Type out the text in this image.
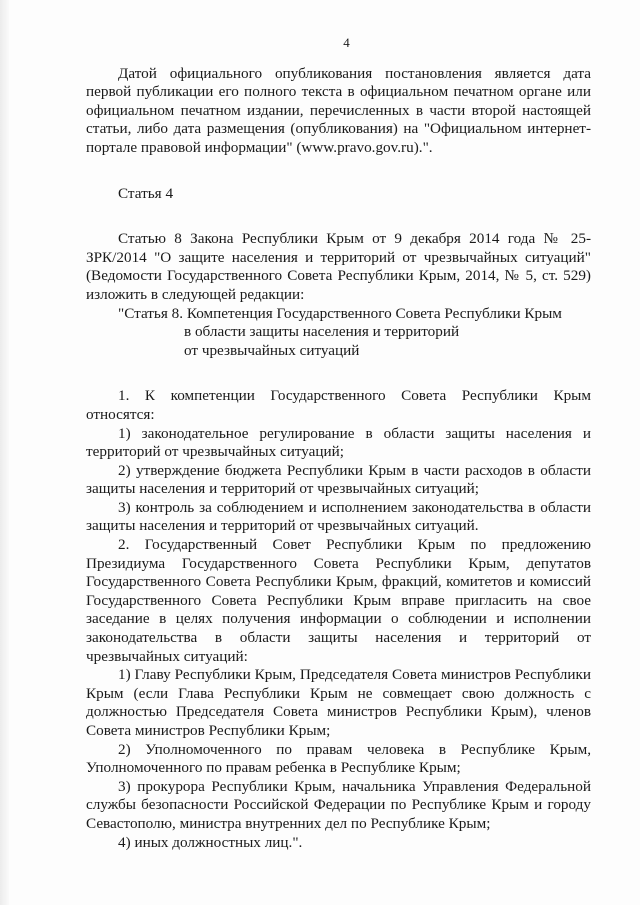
4

Датой официального опубликования постановления является дата первой публикации его полного текста в официальном печатном органе или официальном печатном издании, перечисленных в части второй настоящей статьи, либо дата размещения (опубликования) на "Официальном интернет-портале правовой информации" (www.pravo.gov.ru).".

Статья 4

Статью 8 Закона Республики Крым от 9 декабря 2014 года № 25-ЗРК/2014 "О защите населения и территорий от чрезвычайных ситуаций" (Ведомости Государственного Совета Республики Крым, 2014, № 5, ст. 529) изложить в следующей редакции:

"Статья 8. Компетенция Государственного Совета Республики Крым

в области защиты населения и территорий

от чрезвычайных ситуаций

1. К компетенции Государственного Совета Республики Крым относятся:

1) законодательное регулирование в области защиты населения и территорий от чрезвычайных ситуаций;

2) утверждение бюджета Республики Крым в части расходов в области защиты населения и территорий от чрезвычайных ситуаций;

3) контроль за соблюдением и исполнением законодательства в области защиты населения и территорий от чрезвычайных ситуаций.

2. Государственный Совет Республики Крым по предложению Президиума Государственного Совета Республики Крым, депутатов Государственного Совета Республики Крым, фракций, комитетов и комиссий Государственного Совета Республики Крым вправе пригласить на свое заседание в целях получения информации о соблюдении и исполнении законодательства в области защиты населения и территорий от чрезвычайных ситуаций:

1) Главу Республики Крым, Председателя Совета министров Республики Крым (если Глава Республики Крым не совмещает свою должность с должностью Председателя Совета министров Республики Крым), членов Совета министров Республики Крым;

2) Уполномоченного по правам человека в Республике Крым, Уполномоченного по правам ребенка в Республике Крым;

3) прокурора Республики Крым, начальника Управления Федеральной службы безопасности Российской Федерации по Республике Крым и городу Севастополю, министра внутренних дел по Республике Крым;

4) иных должностных лиц.".
